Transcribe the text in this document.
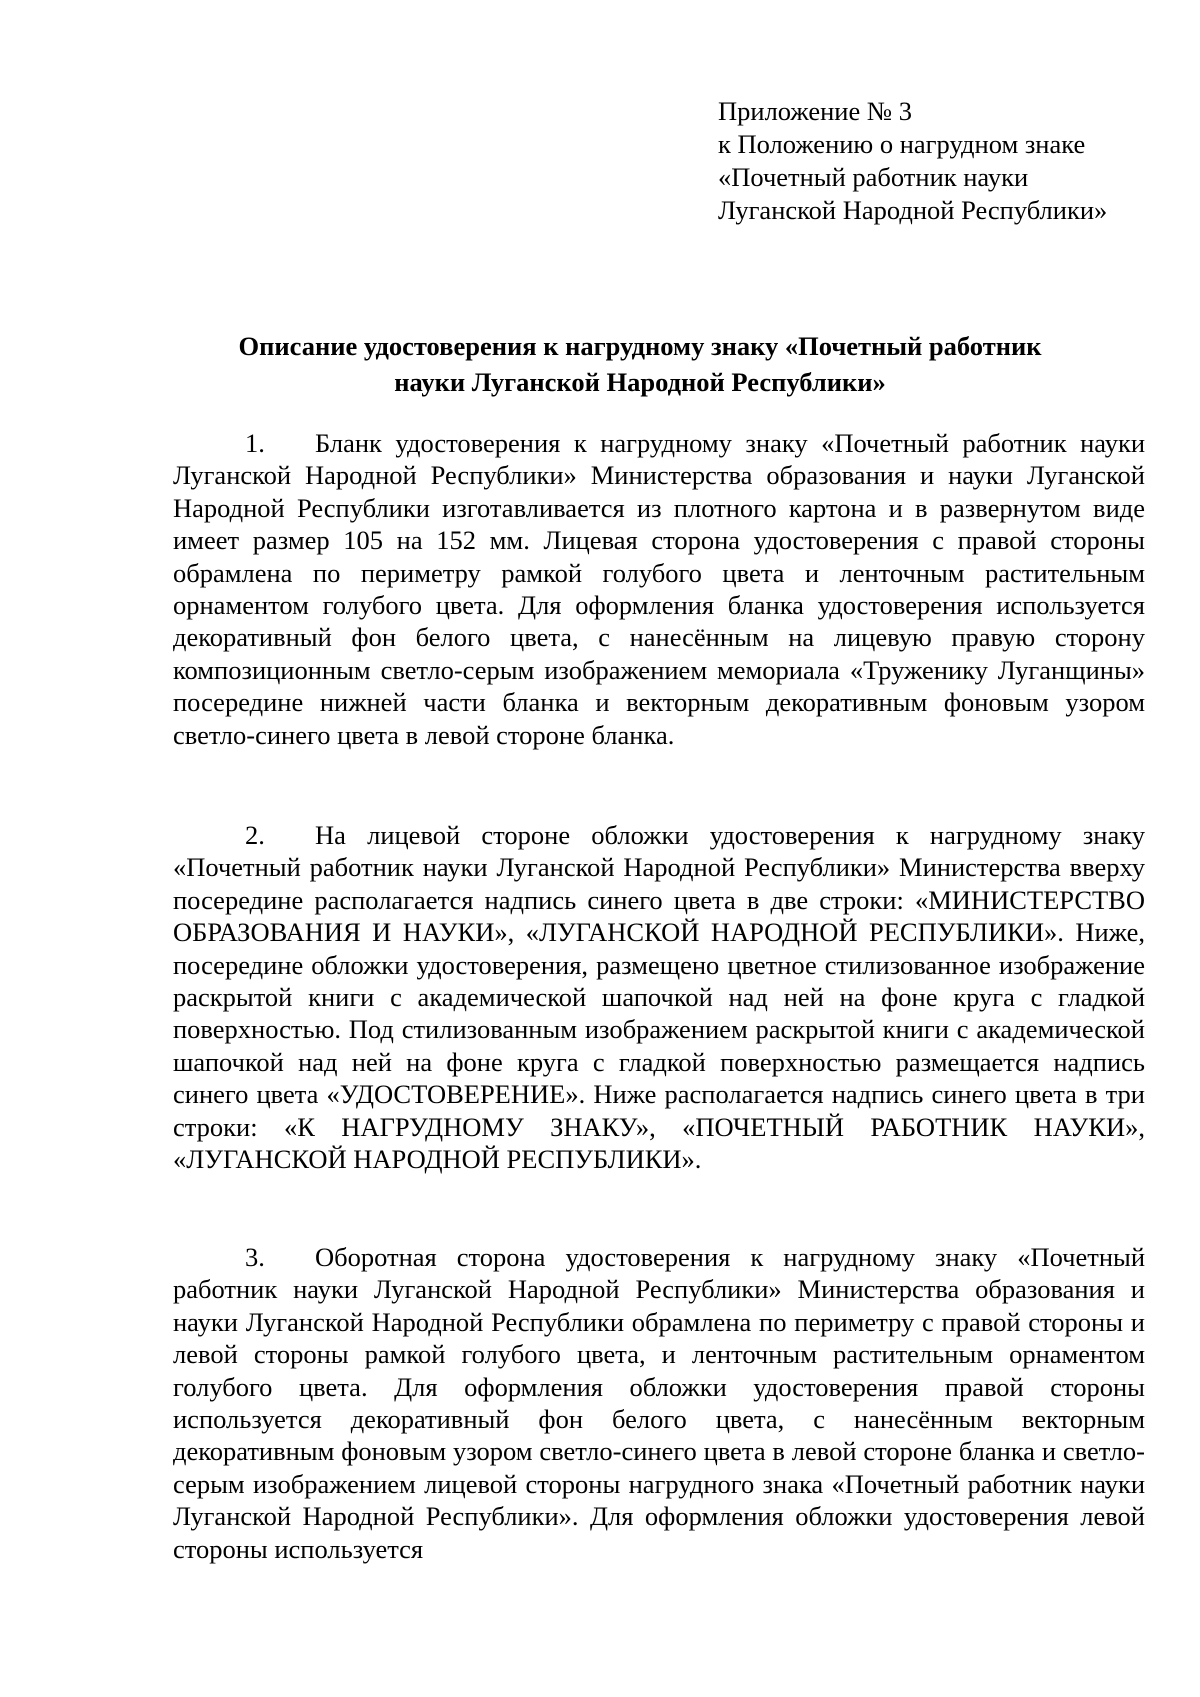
Приложение № 3
к Положению о нагрудном знаке
«Почетный работник науки
Луганской Народной Республики»
Описание удостоверения к нагрудному знаку «Почетный работник
науки Луганской Народной Республики»
1. Бланк удостоверения к нагрудному знаку «Почетный работник науки Луганской Народной Республики» Министерства образования и науки Луганской Народной Республики изготавливается из плотного картона и в развернутом виде имеет размер 105 на 152 мм. Лицевая сторона удостоверения с правой стороны обрамлена по периметру рамкой голубого цвета и ленточным растительным орнаментом голубого цвета. Для оформления бланка удостоверения используется декоративный фон белого цвета, с нанесённым на лицевую правую сторону композиционным светло-серым изображением мемориала «Труженику Луганщины» посередине нижней части бланка и векторным декоративным фоновым узором светло-синего цвета в левой стороне бланка.
2. На лицевой стороне обложки удостоверения к нагрудному знаку «Почетный работник науки Луганской Народной Республики» Министерства вверху посередине располагается надпись синего цвета в две строки: «МИНИСТЕРСТВО ОБРАЗОВАНИЯ И НАУКИ», «ЛУГАНСКОЙ НАРОДНОЙ РЕСПУБЛИКИ». Ниже, посередине обложки удостоверения, размещено цветное стилизованное изображение раскрытой книги с академической шапочкой над ней на фоне круга с гладкой поверхностью. Под стилизованным изображением раскрытой книги с академической шапочкой над ней на фоне круга с гладкой поверхностью размещается надпись синего цвета «УДОСТОВЕРЕНИЕ». Ниже располагается надпись синего цвета в три строки: «К НАГРУДНОМУ ЗНАКУ», «ПОЧЕТНЫЙ РАБОТНИК НАУКИ», «ЛУГАНСКОЙ НАРОДНОЙ РЕСПУБЛИКИ».
3. Оборотная сторона удостоверения к нагрудному знаку «Почетный работник науки Луганской Народной Республики» Министерства образования и науки Луганской Народной Республики обрамлена по периметру с правой стороны и левой стороны рамкой голубого цвета, и ленточным растительным орнаментом голубого цвета. Для оформления обложки удостоверения правой стороны используется декоративный фон белого цвета, с нанесённым векторным декоративным фоновым узором светло-синего цвета в левой стороне бланка и светло-серым изображением лицевой стороны нагрудного знака «Почетный работник науки Луганской Народной Республики». Для оформления обложки удостоверения левой стороны используется
